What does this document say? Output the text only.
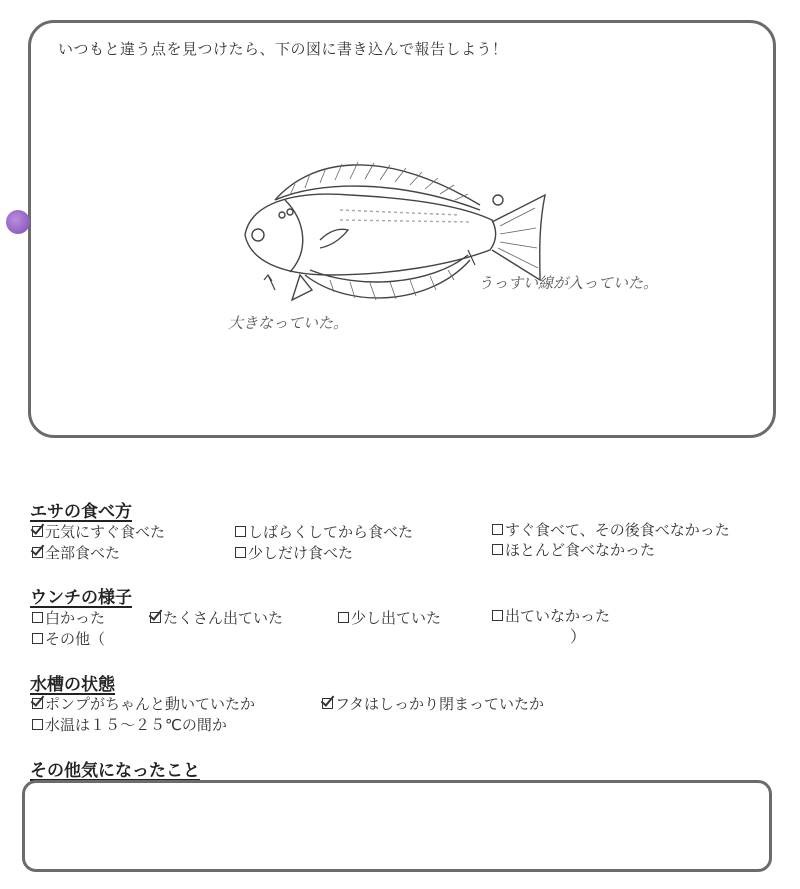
いつもと違う点を見つけたら、下の図に書き込んで報告しよう！
大きなっていた。
うっすい線が入っていた。
エサの食べ方
元気にすぐ食べた	しばらくしてから食べた	すぐ食べて、その後食べなかった
全部食べた	少しだけ食べた	ほとんど食べなかった
ウンチの様子
白かった	たくさん出ていた	少し出ていた	出ていなかった
その他（	）
水槽の状態
ポンプがちゃんと動いていたか	フタはしっかり閉まっていたか
水温は１５～２５℃の間か
その他気になったこと
